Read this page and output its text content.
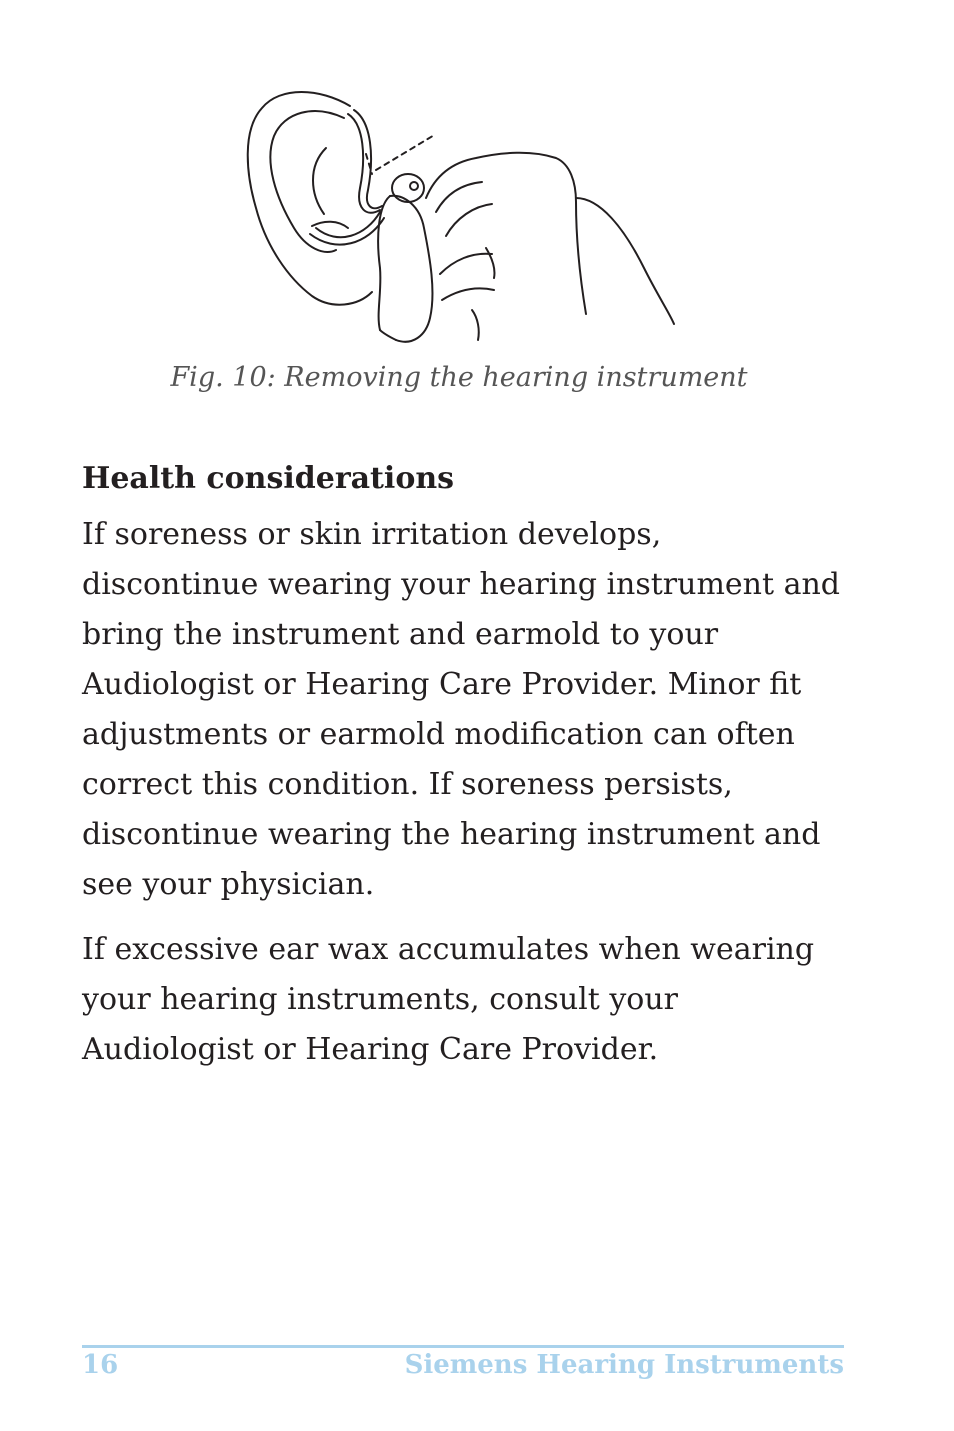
Fig. 10: Removing the hearing instrument
Health considerations

If soreness or skin irritation develops,
discontinue wearing your hearing instrument and
bring the instrument and earmold to your
Audiologist or Hearing Care Provider. Minor fit
adjustments or earmold modification can often
correct this condition. If soreness persists,
discontinue wearing the hearing instrument and
see your physician.

If excessive ear wax accumulates when wearing
your hearing instruments, consult your
Audiologist or Hearing Care Provider.

16	Siemens Hearing Instruments
